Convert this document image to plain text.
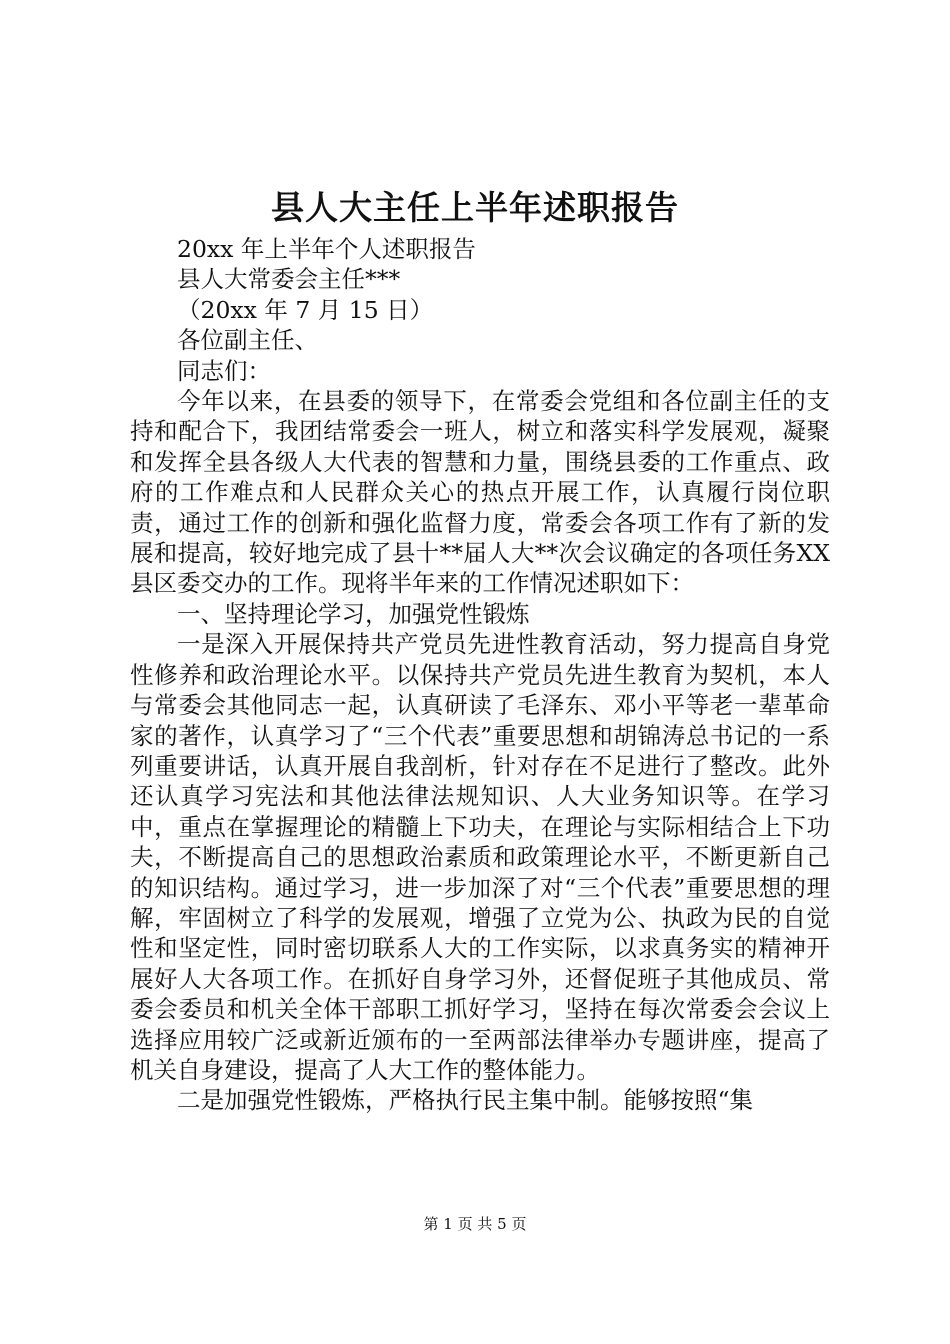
县人大主任上半年述职报告

20xx 年上半年个人述职报告

县人大常委会主任***

（20xx 年 7 月 15 日）

各位副主任、

同志们：

今年以来，在县委的领导下，在常委会党组和各位副主任的支持和配合下，我团结常委会一班人，树立和落实科学发展观，凝聚和发挥全县各级人大代表的智慧和力量，围绕县委的工作重点、政府的工作难点和人民群众关心的热点开展工作，认真履行岗位职责，通过工作的创新和强化监督力度，常委会各项工作有了新的发展和提高，较好地完成了县十**届人大**次会议确定的各项任务XX县区委交办的工作。现将半年来的工作情况述职如下：

一、坚持理论学习，加强党性锻炼

一是深入开展保持共产党员先进性教育活动，努力提高自身党性修养和政治理论水平。以保持共产党员先进生教育为契机，本人与常委会其他同志一起，认真研读了毛泽东、邓小平等老一辈革命家的著作，认真学习了“三个代表”重要思想和胡锦涛总书记的一系列重要讲话，认真开展自我剖析，针对存在不足进行了整改。此外还认真学习宪法和其他法律法规知识、人大业务知识等。在学习中，重点在掌握理论的精髓上下功夫，在理论与实际相结合上下功夫，不断提高自己的思想政治素质和政策理论水平，不断更新自己的知识结构。通过学习，进一步加深了对“三个代表”重要思想的理解，牢固树立了科学的发展观，增强了立党为公、执政为民的自觉性和坚定性，同时密切联系人大的工作实际，以求真务实的精神开展好人大各项工作。在抓好自身学习外，还督促班子其他成员、常委会委员和机关全体干部职工抓好学习，坚持在每次常委会会议上选择应用较广泛或新近颁布的一至两部法律举办专题讲座，提高了机关自身建设，提高了人大工作的整体能力。

二是加强党性锻炼，严格执行民主集中制。能够按照“集

第 1 页 共 5 页
